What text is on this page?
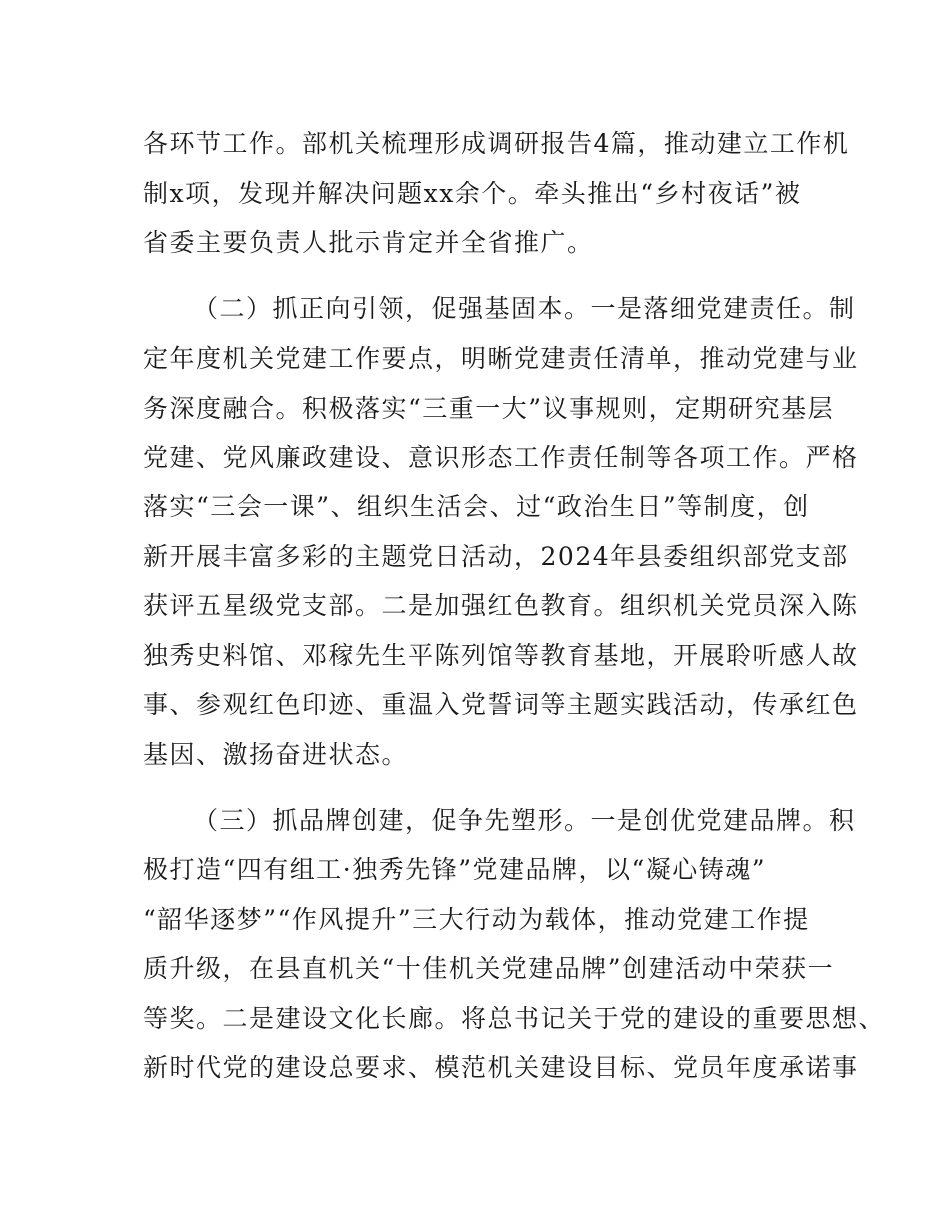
各环节工作。部机关梳理形成调研报告4篇，推动建立工作机

制x项，发现并解决问题xx余个。牵头推出“乡村夜话”被

省委主要负责人批示肯定并全省推广。

（二）抓正向引领，促强基固本。一是落细党建责任。制

定年度机关党建工作要点，明晰党建责任清单，推动党建与业

务深度融合。积极落实“三重一大”议事规则，定期研究基层

党建、党风廉政建设、意识形态工作责任制等各项工作。严格

落实“三会一课”、组织生活会、过“政治生日”等制度，创

新开展丰富多彩的主题党日活动，2024年县委组织部党支部

获评五星级党支部。二是加强红色教育。组织机关党员深入陈

独秀史料馆、邓稼先生平陈列馆等教育基地，开展聆听感人故

事、参观红色印迹、重温入党誓词等主题实践活动，传承红色

基因、激扬奋进状态。

（三）抓品牌创建，促争先塑形。一是创优党建品牌。积

极打造“四有组工·独秀先锋”党建品牌，以“凝心铸魂”

“韶华逐梦”“作风提升”三大行动为载体，推动党建工作提

质升级，在县直机关“十佳机关党建品牌”创建活动中荣获一

等奖。二是建设文化长廊。将总书记关于党的建设的重要思想、

新时代党的建设总要求、模范机关建设目标、党员年度承诺事
